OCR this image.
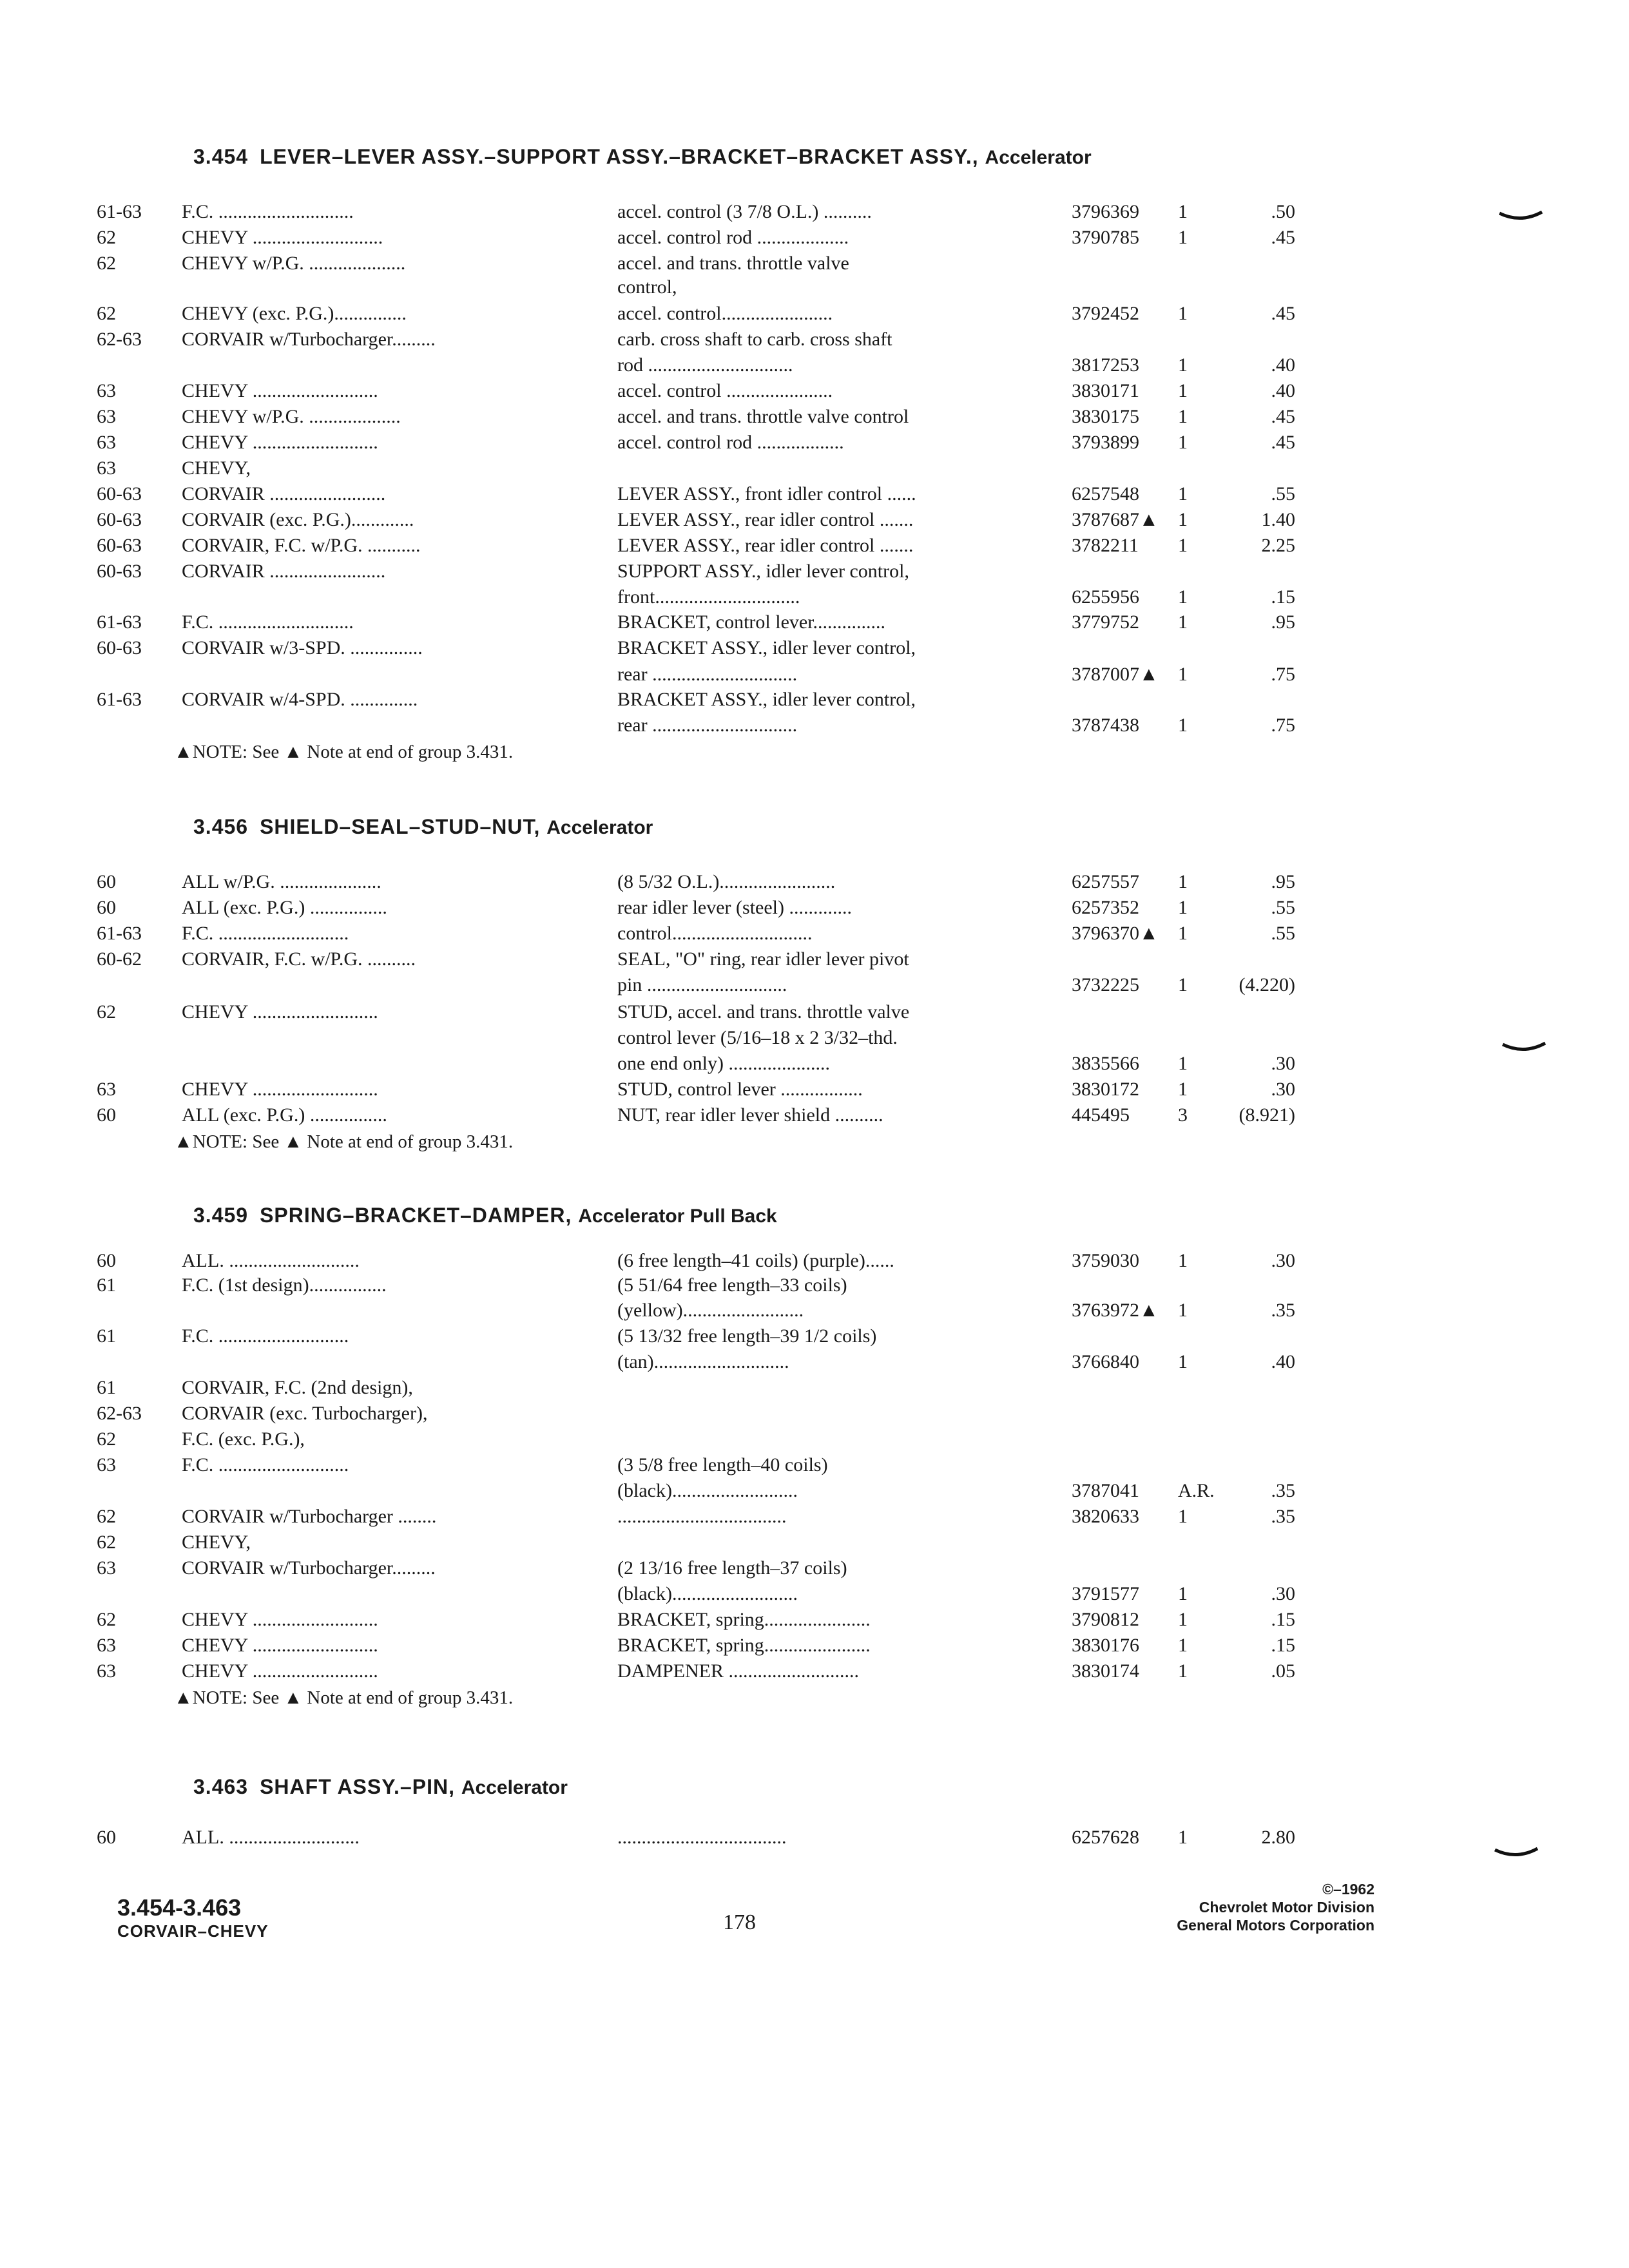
3.454 LEVER–LEVER ASSY.–SUPPORT ASSY.–BRACKET–BRACKET ASSY., Accelerator
61-63 F.C. ............................	accel. control (3 7/8 O.L.) ..........	3796369 1	.50
62	CHEVY ...........................	accel. control rod ...................	3790785 1	.45
62	CHEVY w/P.G. ....................	accel. and trans. throttle valve
control,
62	CHEVY (exc. P.G.)...............	accel. control.......................	3792452 1	.45
62-63 CORVAIR w/Turbocharger.........	carb. cross shaft to carb. cross shaft
rod ..............................	3817253 1	.40
63	CHEVY ..........................	accel. control ......................	3830171 1	.40
63	CHEVY w/P.G. ...................	accel. and trans. throttle valve control	3830175 1	.45
63	CHEVY ..........................	accel. control rod ..................	3793899 1	.45
63	CHEVY,
60-63 CORVAIR ........................	LEVER ASSY., front idler control ......	6257548 1	.55
60-63 CORVAIR (exc. P.G.).............	LEVER ASSY., rear idler control .......	3787687▲ 1	1.40
60-63 CORVAIR, F.C. w/P.G. ...........	LEVER ASSY., rear idler control .......	3782211 1	2.25
60-63 CORVAIR ........................	SUPPORT ASSY., idler lever control,
front..............................	6255956 1	.15
61-63 F.C. ............................	BRACKET, control lever...............	3779752 1	.95
60-63 CORVAIR w/3-SPD. ...............	BRACKET ASSY., idler lever control,
rear ..............................	3787007▲ 1	.75
61-63 CORVAIR w/4-SPD. ..............	BRACKET ASSY., idler lever control,
rear ..............................	3787438 1	.75
▲NOTE: See ▲ Note at end of group 3.431.
3.456 SHIELD–SEAL–STUD–NUT, Accelerator
60	ALL w/P.G. .....................	(8 5/32 O.L.)........................	6257557 1	.95
60	ALL (exc. P.G.) ................	rear idler lever (steel) .............	6257352 1	.55
61-63 F.C. ...........................	control.............................	3796370▲ 1	.55
60-62 CORVAIR, F.C. w/P.G. ..........	SEAL, "O" ring, rear idler lever pivot
pin .............................	3732225 1	(4.220)
62	CHEVY ..........................	STUD, accel. and trans. throttle valve
control lever (5/16–18 x 2 3/32–thd.
one end only) .....................	3835566 1	.30
63	CHEVY ..........................	STUD, control lever .................	3830172 1	.30
60	ALL (exc. P.G.) ................	NUT, rear idler lever shield ..........	445495	3	(8.921)
▲NOTE: See ▲ Note at end of group 3.431.
3.459 SPRING–BRACKET–DAMPER, Accelerator Pull Back
60	ALL. ...........................	(6 free length–41 coils) (purple)......	3759030 1	.30
61	F.C. (1st design)................	(5 51/64 free length–33 coils)
(yellow).........................	3763972▲ 1	.35
61	F.C. ...........................	(5 13/32 free length–39 1/2 coils)
(tan)............................	3766840 1	.40
61	CORVAIR, F.C. (2nd design),
62-63 CORVAIR (exc. Turbocharger),
62	F.C. (exc. P.G.),
63	F.C. ...........................	(3 5/8 free length–40 coils)
(black)..........................	3787041 A.R.	.35
62	CORVAIR w/Turbocharger ........	...................................	3820633 1	.35
62	CHEVY,
63	CORVAIR w/Turbocharger.........	(2 13/16 free length–37 coils)
(black)..........................	3791577 1	.30
62	CHEVY ..........................	BRACKET, spring......................	3790812 1	.15
63	CHEVY ..........................	BRACKET, spring......................	3830176 1	.15
63	CHEVY ..........................	DAMPENER ...........................	3830174 1	.05
▲NOTE: See ▲ Note at end of group 3.431.
3.463 SHAFT ASSY.–PIN, Accelerator
60	ALL. ...........................	...................................	6257628 1	2.80
3.454-3.463
CORVAIR–CHEVY	178
©–1962
Chevrolet Motor Division
General Motors Corporation
